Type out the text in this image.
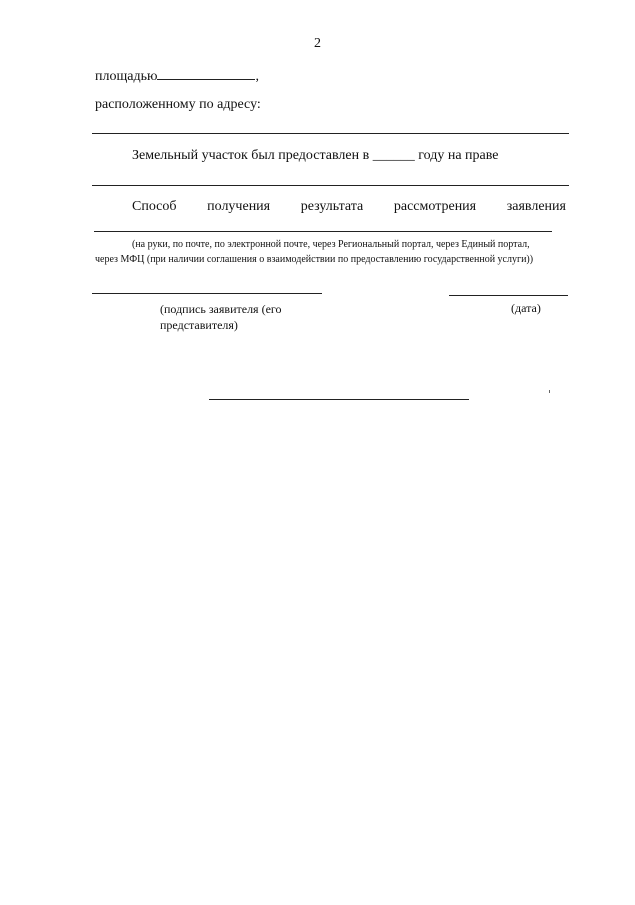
2
площадью	,
расположенному по адресу:
Земельный участок был предоставлен в ______ году на праве
Способ получения результата рассмотрения заявления
(на руки, по почте, по электронной почте, через Региональный портал, через Единый портал,
через МФЦ (при наличии соглашения о взаимодействии по предоставлению государственной услуги))
(подпись заявителя (его
представителя)
(дата)
